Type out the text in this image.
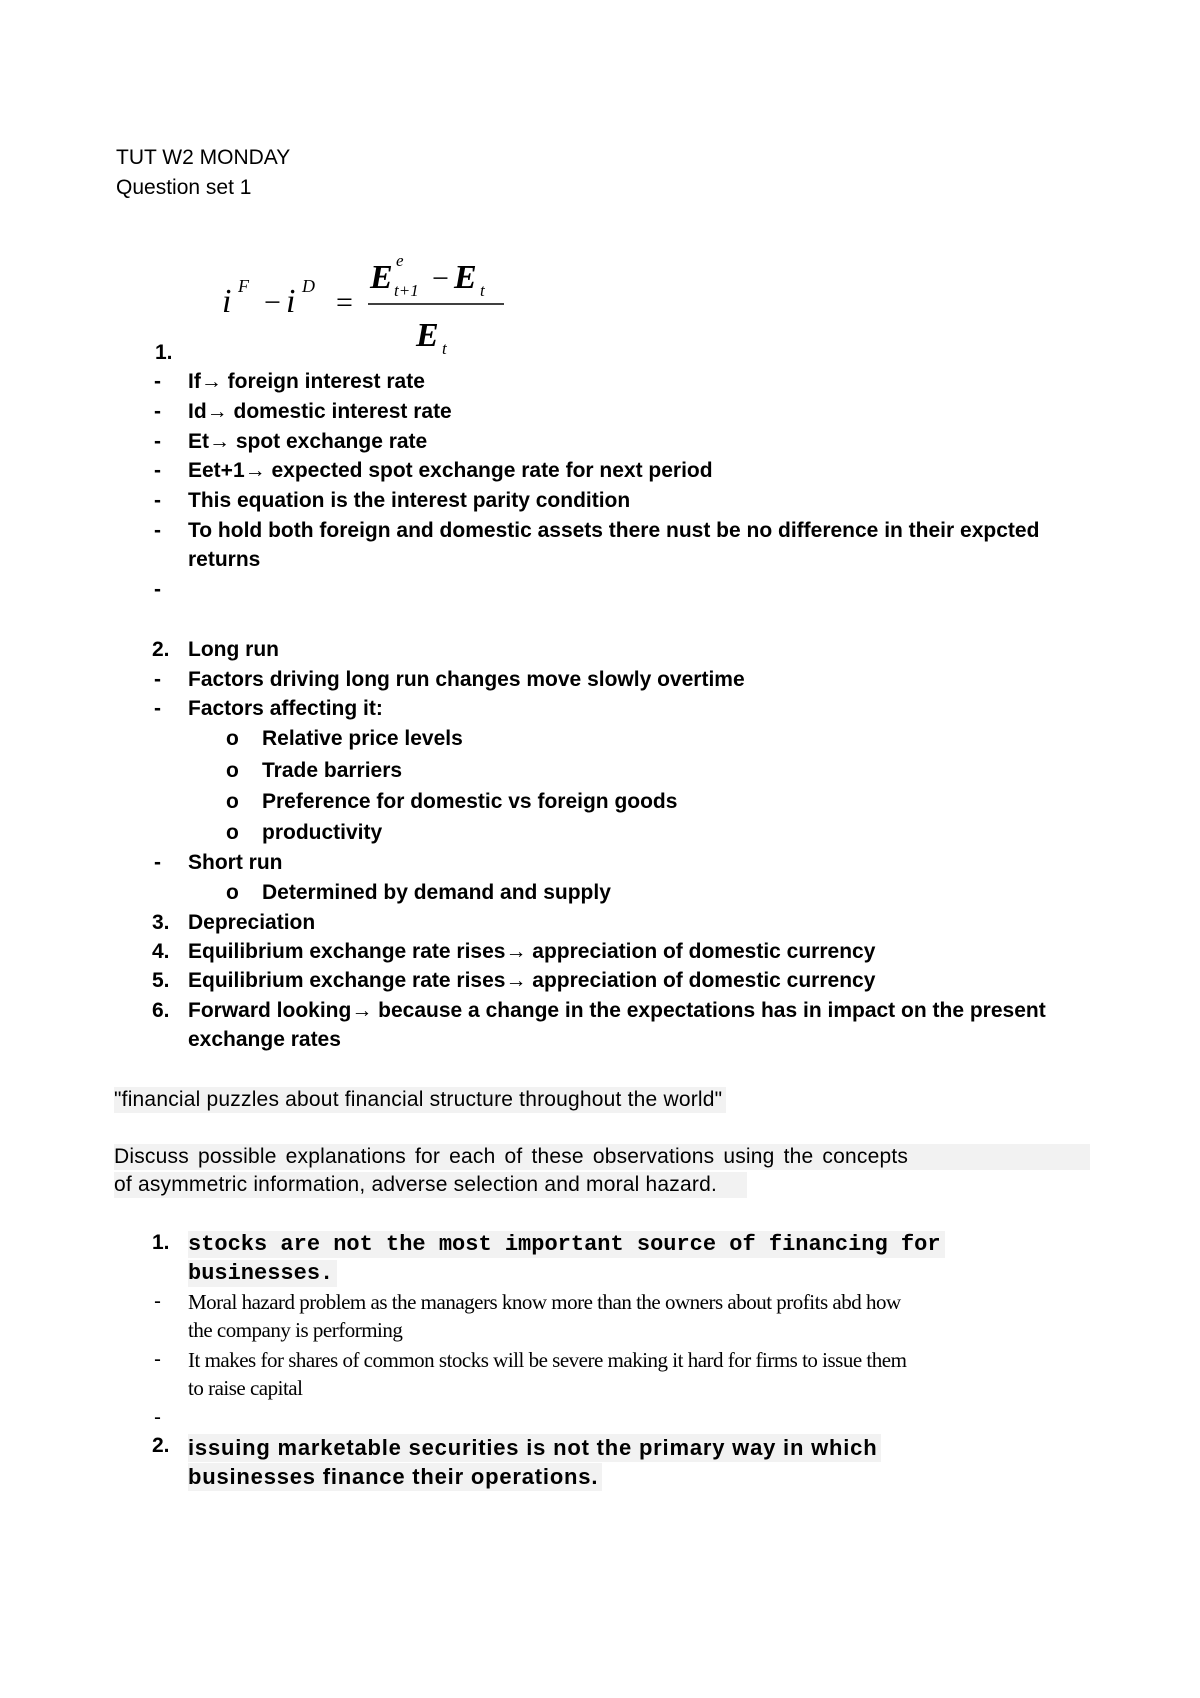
TUT W2 MONDAY
Question set 1
i F − i D =
E e
t+1 − E t
E t
1.
- If→ foreign interest rate
- Id→ domestic interest rate
- Et→ spot exchange rate
- Eet+1→ expected spot exchange rate for next period
- This equation is the interest parity condition
- To hold both foreign and domestic assets there nust be no difference in their expcted
returns
-
2. Long run
- Factors driving long run changes move slowly overtime
- Factors affecting it:
o Relative price levels
o Trade barriers
o Preference for domestic vs foreign goods
o productivity
- Short run
o Determined by demand and supply
3. Depreciation
4. Equilibrium exchange rate rises→ appreciation of domestic currency
5. Equilibrium exchange rate rises→ appreciation of domestic currency
6. Forward looking→ because a change in the expectations has in impact on the present
exchange rates
"financial puzzles about financial structure throughout the world"
Discuss possible explanations for each of these observations using the concepts
of asymmetric information, adverse selection and moral hazard.
1. stocks are not the most important source of financing for
businesses.
- Moral hazard problem as the managers know more than the owners about profits abd how
the company is performing
- It makes for shares of common stocks will be severe making it hard for firms to issue them
to raise capital
-
2. issuing marketable securities is not the primary way in which
businesses finance their operations.
